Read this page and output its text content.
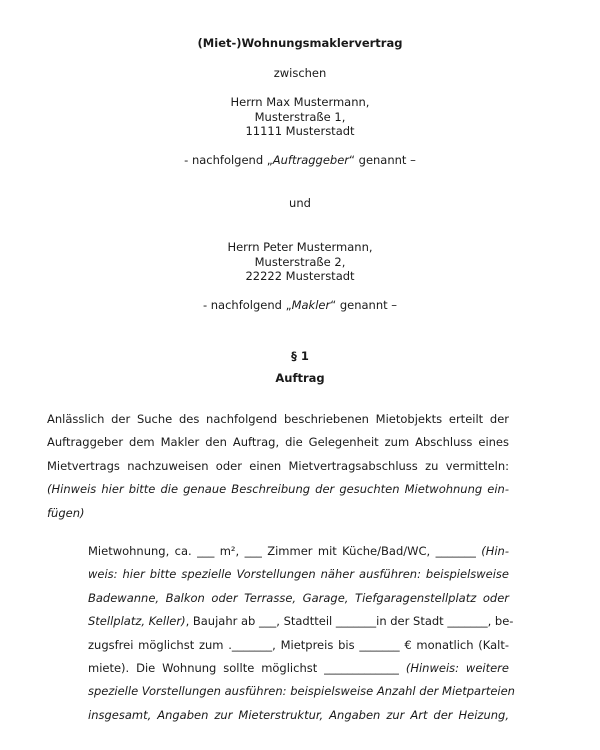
(Miet-)Wohnungsmaklervertrag
zwischen
Herrn Max Mustermann,
Musterstraße 1,
11111 Musterstadt
- nachfolgend „Auftraggeber“ genannt –
und
Herrn Peter Mustermann,
Musterstraße 2,
22222 Musterstadt
- nachfolgend „Makler“ genannt –
§ 1
Auftrag
Anlässlich der Suche des nachfolgend beschriebenen Mietobjekts erteilt der
Auftraggeber dem Makler den Auftrag, die Gelegenheit zum Abschluss eines
Mietvertrags nachzuweisen oder einen Mietvertragsabschluss zu vermitteln:
(Hinweis hier bitte die genaue Beschreibung der gesuchten Mietwohnung ein-
fügen)
Mietwohnung, ca. ___ m², ___ Zimmer mit Küche/Bad/WC, _______ (Hin-
weis: hier bitte spezielle Vorstellungen näher ausführen: beispielsweise
Badewanne, Balkon oder Terrasse, Garage, Tiefgaragenstellplatz oder
Stellplatz, Keller), Baujahr ab ___, Stadtteil _______in der Stadt _______, be-
zugsfrei möglichst zum ._______, Mietpreis bis _______ € monatlich (Kalt-
miete). Die Wohnung sollte möglichst _____________ (Hinweis: weitere
spezielle Vorstellungen ausführen: beispielsweise Anzahl der Mietparteien
insgesamt, Angaben zur Mieterstruktur, Angaben zur Art der Heizung,
